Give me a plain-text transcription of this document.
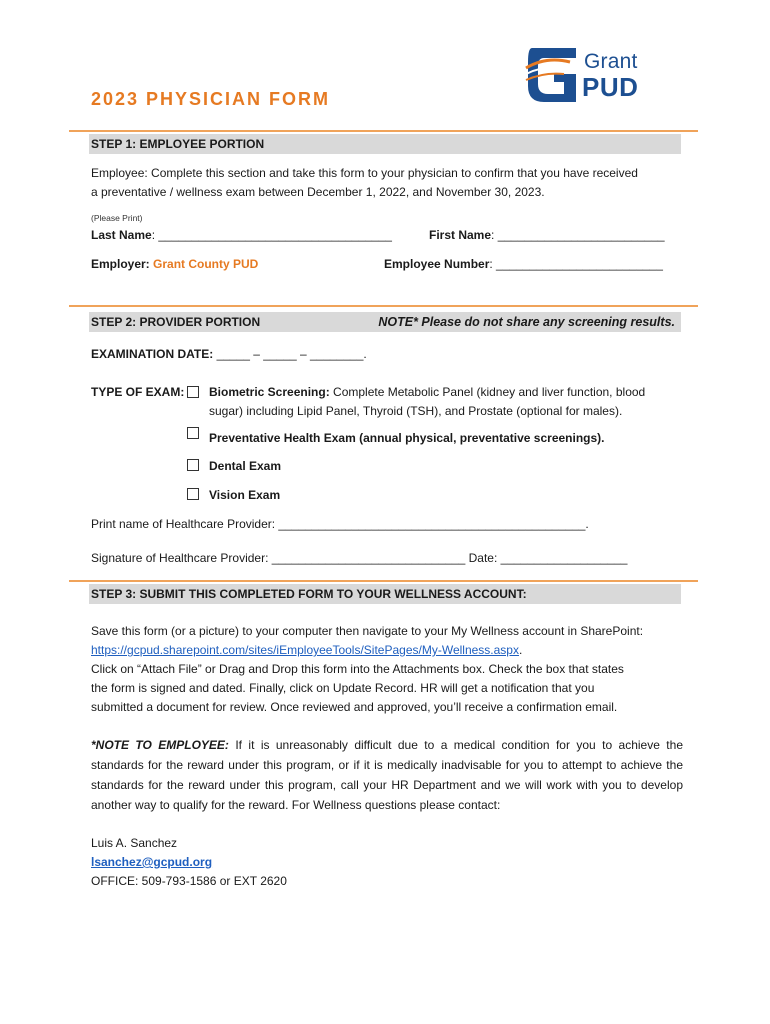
Grant
PUD
2023 PHYSICIAN FORM
STEP 1: EMPLOYEE PORTION
Employee: Complete this section and take this form to your physician to confirm that you have received
a preventative / wellness exam between December 1, 2022, and November 30, 2023.
(Please Print)
Last Name: ___________________________________	First Name: _________________________
Employer: Grant County PUD	Employee Number: _________________________
STEP 2: PROVIDER PORTION	NOTE* Please do not share any screening results.
EXAMINATION DATE: _____ – _____ – ________.
TYPE OF EXAM: Biometric Screening: Complete Metabolic Panel (kidney and liver function, blood
sugar) including Lipid Panel, Thyroid (TSH), and Prostate (optional for males).
Preventative Health Exam (annual physical, preventative screenings).
Dental Exam
Vision Exam
Print name of Healthcare Provider: ______________________________________________.
Signature of Healthcare Provider: _____________________________ Date: ___________________
STEP 3: SUBMIT THIS COMPLETED FORM TO YOUR WELLNESS ACCOUNT:
Save this form (or a picture) to your computer then navigate to your My Wellness account in SharePoint:
https://gcpud.sharepoint.com/sites/iEmployeeTools/SitePages/My-Wellness.aspx.
Click on “Attach File” or Drag and Drop this form into the Attachments box. Check the box that states
the form is signed and dated. Finally, click on Update Record. HR will get a notification that you
submitted a document for review. Once reviewed and approved, you’ll receive a confirmation email.
*NOTE TO EMPLOYEE: If it is unreasonably difficult due to a medical condition for you to achieve the standards for the reward under this program, or if it is medically inadvisable for you to attempt to achieve the standards for the reward under this program, call your HR Department and we will work with you to develop another way to qualify for the reward. For Wellness questions please contact:
Luis A. Sanchez
lsanchez@gcpud.org
OFFICE: 509-793-1586 or EXT 2620
